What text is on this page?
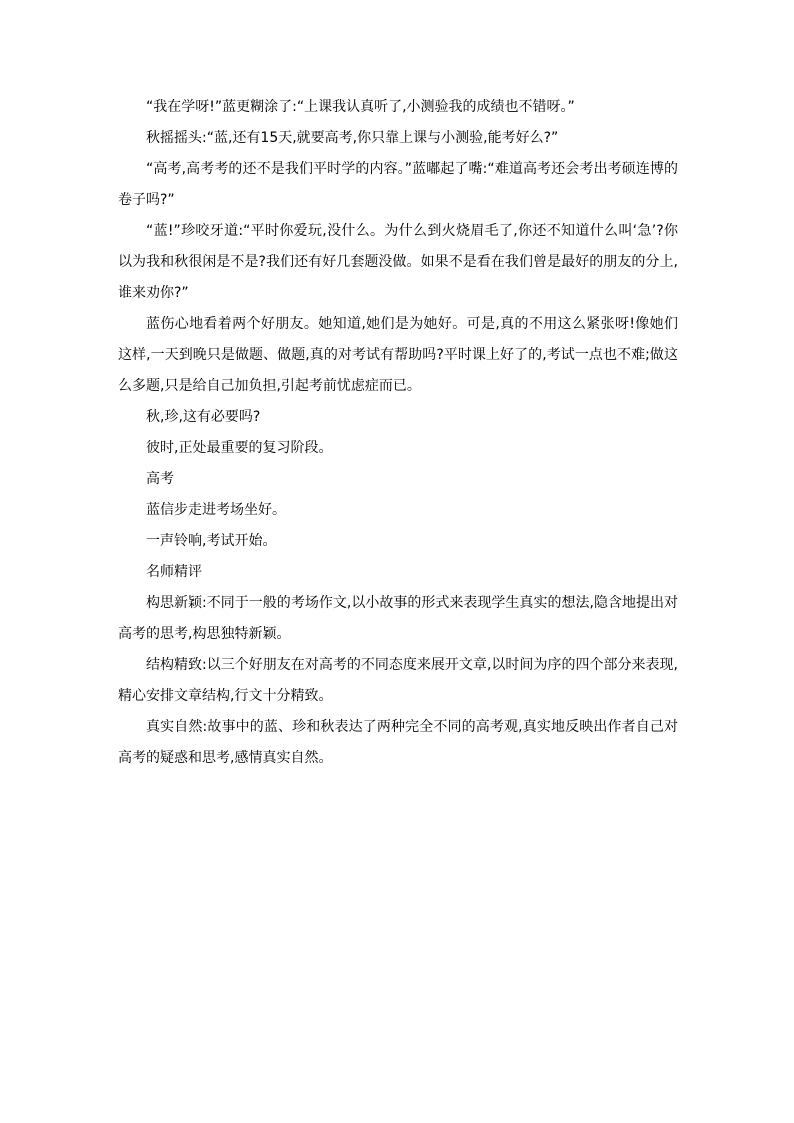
“我在学呀!”蓝更糊涂了:“上课我认真听了,小测验我的成绩也不错呀。”

秋摇摇头:“蓝,还有15天,就要高考,你只靠上课与小测验,能考好么?”

“高考,高考考的还不是我们平时学的内容。”蓝嘟起了嘴:“难道高考还会考出考硕连博的卷子吗?”

“蓝!”珍咬牙道:“平时你爱玩,没什么。为什么到火烧眉毛了,你还不知道什么叫‘急’?你以为我和秋很闲是不是?我们还有好几套题没做。如果不是看在我们曾是最好的朋友的分上,谁来劝你?”

蓝伤心地看着两个好朋友。她知道,她们是为她好。可是,真的不用这么紧张呀!像她们这样,一天到晚只是做题、做题,真的对考试有帮助吗?平时课上好了的,考试一点也不难;做这么多题,只是给自己加负担,引起考前忧虑症而已。

秋,珍,这有必要吗?

彼时,正处最重要的复习阶段。

高考

蓝信步走进考场坐好。

一声铃响,考试开始。

名师精评

构思新颖:不同于一般的考场作文,以小故事的形式来表现学生真实的想法,隐含地提出对高考的思考,构思独特新颖。

结构精致:以三个好朋友在对高考的不同态度来展开文章,以时间为序的四个部分来表现,精心安排文章结构,行文十分精致。

真实自然:故事中的蓝、珍和秋表达了两种完全不同的高考观,真实地反映出作者自己对高考的疑惑和思考,感情真实自然。
